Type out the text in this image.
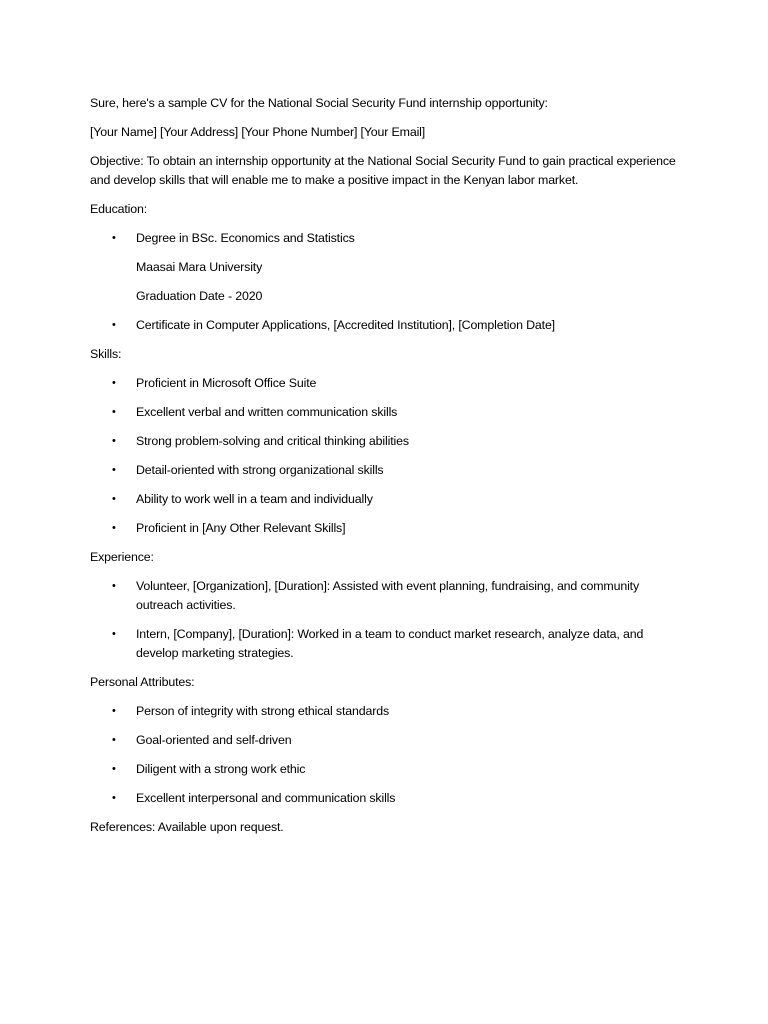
Sure, here's a sample CV for the National Social Security Fund internship opportunity:

[Your Name] [Your Address] [Your Phone Number] [Your Email]

Objective: To obtain an internship opportunity at the National Social Security Fund to gain practical experience and develop skills that will enable me to make a positive impact in the Kenyan labor market.

Education:

• Degree in BSc. Economics and Statistics

Maasai Mara University

Graduation Date - 2020

• Certificate in Computer Applications, [Accredited Institution], [Completion Date]

Skills:

• Proficient in Microsoft Office Suite
• Excellent verbal and written communication skills
• Strong problem-solving and critical thinking abilities
• Detail-oriented with strong organizational skills
• Ability to work well in a team and individually
• Proficient in [Any Other Relevant Skills]

Experience:

• Volunteer, [Organization], [Duration]: Assisted with event planning, fundraising, and community outreach activities.
• Intern, [Company], [Duration]: Worked in a team to conduct market research, analyze data, and develop marketing strategies.

Personal Attributes:

• Person of integrity with strong ethical standards
• Goal-oriented and self-driven
• Diligent with a strong work ethic
• Excellent interpersonal and communication skills

References: Available upon request.
